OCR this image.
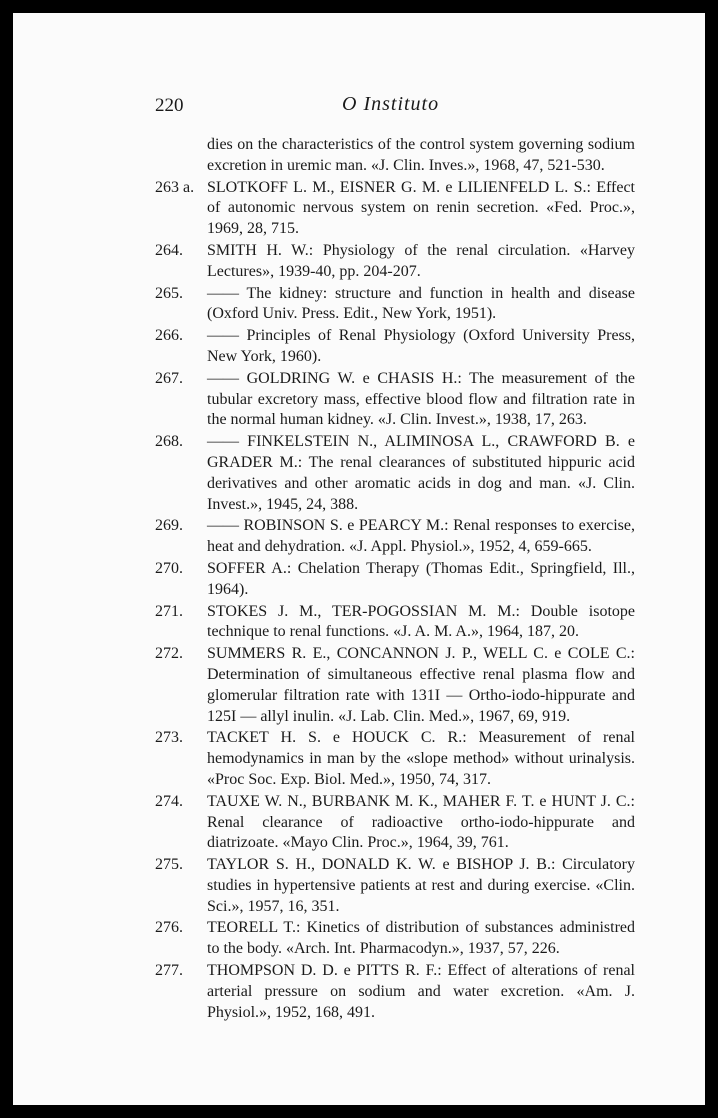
220	O Instituto
dies on the characteristics of the control system governing sodium excretion in uremic man. «J. Clin. Inves.», 1968, 47, 521-530.
263 a. SLOTKOFF L. M., EISNER G. M. e LILIENFELD L. S.: Effect of autonomic nervous system on renin secretion. «Fed. Proc.», 1969, 28, 715.
264.	SMITH H. W.: Physiology of the renal circulation. «Harvey Lectures», 1939-40, pp. 204-207.
265.	—— The kidney: structure and function in health and disease (Oxford Univ. Press. Edit., New York, 1951).
266.	—— Principles of Renal Physiology (Oxford University Press, New York, 1960).
267.	—— GOLDRING W. e CHASIS H.: The measurement of the tubular excretory mass, effective blood flow and filtration rate in the normal human kidney. «J. Clin. Invest.», 1938, 17, 263.
268.	—— FINKELSTEIN N., ALIMINOSA L., CRAWFORD B. e GRADER M.: The renal clearances of substituted hippuric acid derivatives and other aromatic acids in dog and man. «J. Clin. Invest.», 1945, 24, 388.
269.	—— ROBINSON S. e PEARCY M.: Renal responses to exercise, heat and dehydration. «J. Appl. Physiol.», 1952, 4, 659-665.
270.	SOFFER A.: Chelation Therapy (Thomas Edit., Springfield, Ill., 1964).
271.	STOKES J. M., TER-POGOSSIAN M. M.: Double isotope technique to renal functions. «J. A. M. A.», 1964, 187, 20.
272.	SUMMERS R. E., CONCANNON J. P., WELL C. e COLE C.: Determination of simultaneous effective renal plasma flow and glomerular filtration rate with 131I — Ortho-iodo-hippurate and 125I — allyl inulin. «J. Lab. Clin. Med.», 1967, 69, 919.
273.	TACKET H. S. e HOUCK C. R.: Measurement of renal hemodynamics in man by the «slope method» without urinalysis. «Proc Soc. Exp. Biol. Med.», 1950, 74, 317.
274.	TAUXE W. N., BURBANK M. K., MAHER F. T. e HUNT J. C.: Renal clearance of radioactive ortho-iodo-hippurate and diatrizoate. «Mayo Clin. Proc.», 1964, 39, 761.
275.	TAYLOR S. H., DONALD K. W. e BISHOP J. B.: Circulatory studies in hypertensive patients at rest and during exercise. «Clin. Sci.», 1957, 16, 351.
276.	TEORELL T.: Kinetics of distribution of substances administred to the body. «Arch. Int. Pharmacodyn.», 1937, 57, 226.
277.	THOMPSON D. D. e PITTS R. F.: Effect of alterations of renal arterial pressure on sodium and water excretion. «Am. J. Physiol.», 1952, 168, 491.
